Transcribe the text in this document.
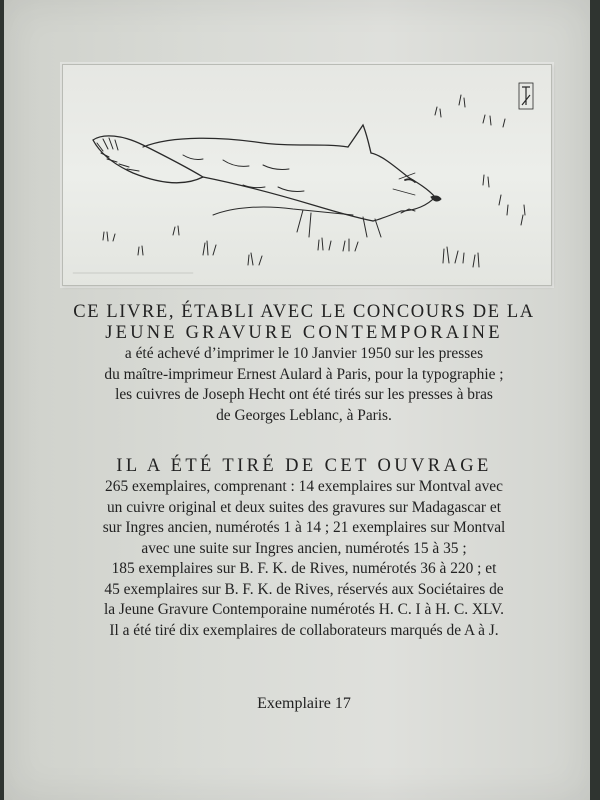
CE LIVRE, ÉTABLI AVEC LE CONCOURS DE LA
JEUNE GRAVURE CONTEMPORAINE
a été achevé d’imprimer le 10 Janvier 1950 sur les presses
du maître-imprimeur Ernest Aulard à Paris, pour la typographie ;
les cuivres de Joseph Hecht ont été tirés sur les presses à bras
de Georges Leblanc, à Paris.
IL A ÉTÉ TIRÉ DE CET OUVRAGE
265 exemplaires, comprenant : 14 exemplaires sur Montval avec
un cuivre original et deux suites des gravures sur Madagascar et
sur Ingres ancien, numérotés 1 à 14 ; 21 exemplaires sur Montval
avec une suite sur Ingres ancien, numérotés 15 à 35 ;
185 exemplaires sur B. F. K. de Rives, numérotés 36 à 220 ; et
45 exemplaires sur B. F. K. de Rives, réservés aux Sociétaires de
la Jeune Gravure Contemporaine numérotés H. C. I à H. C. XLV.
Il a été tiré dix exemplaires de collaborateurs marqués de A à J.
Exemplaire 17
